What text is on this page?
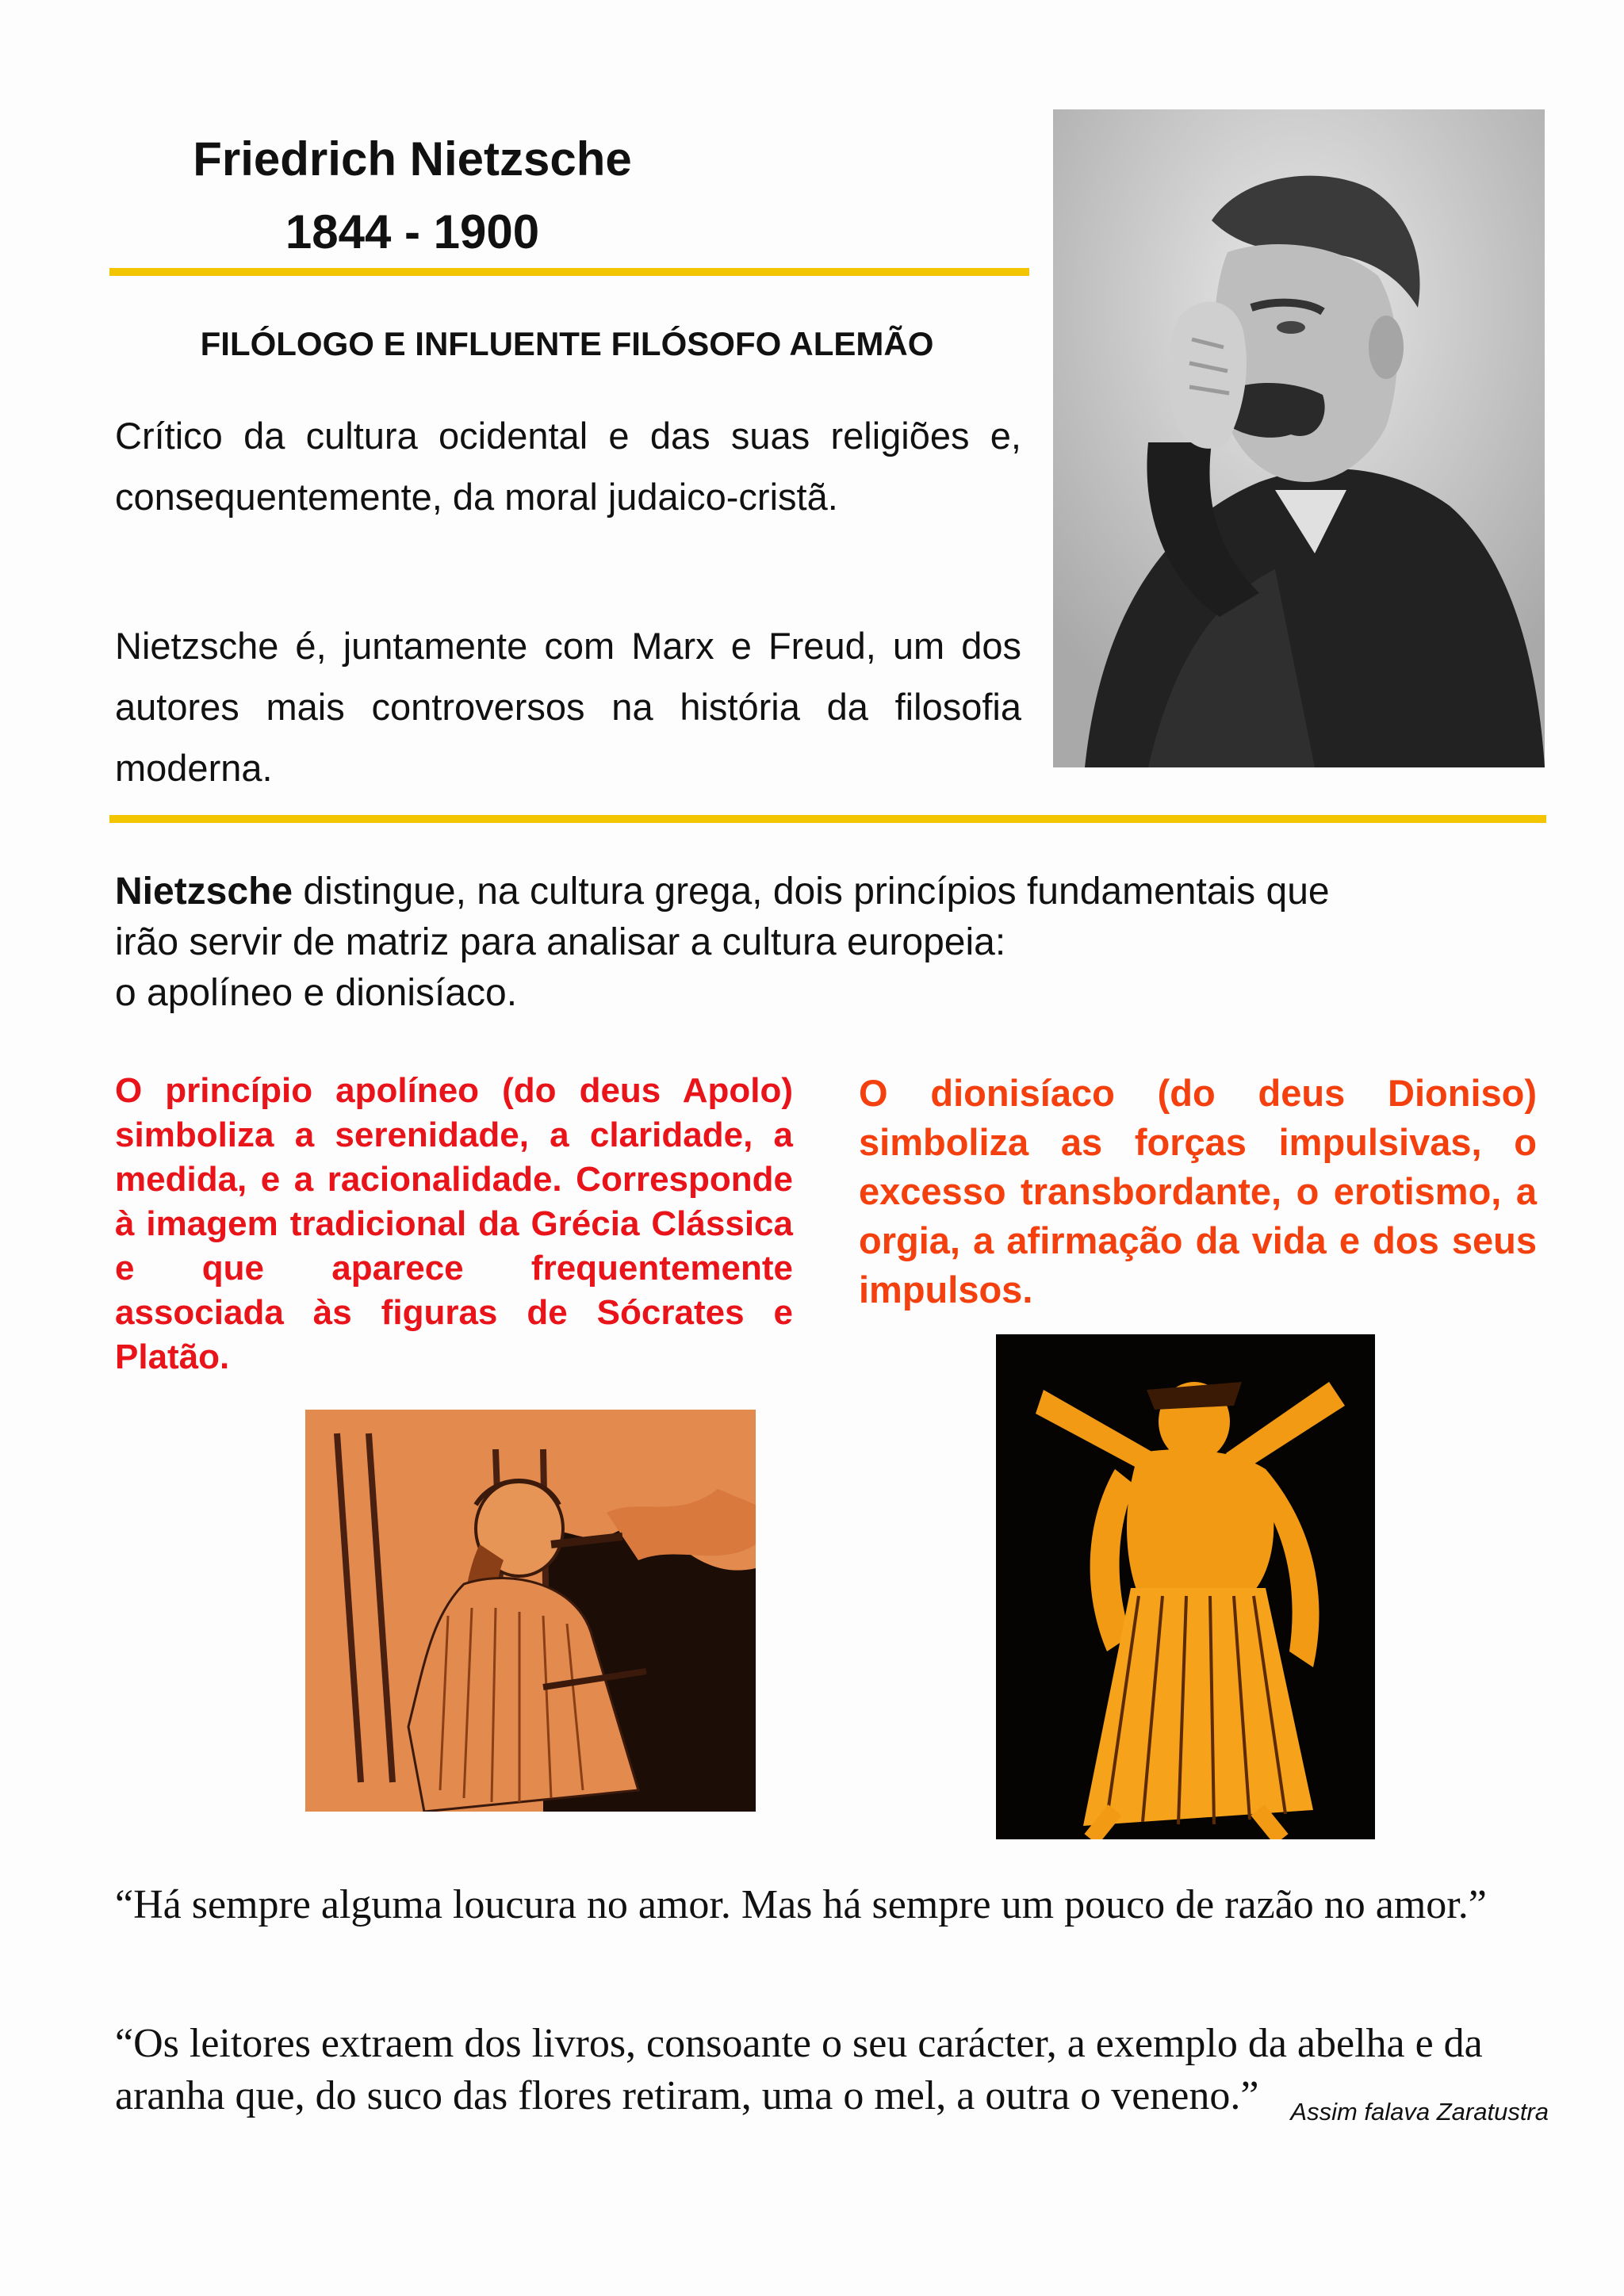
Friedrich Nietzsche
1844 - 1900
FILÓLOGO E INFLUENTE FILÓSOFO ALEMÃO
Crítico da cultura ocidental e das suas religiões e, consequentemente, da moral judaico-cristã.
Nietzsche é, juntamente com Marx e Freud, um dos autores mais controversos na história da filosofia moderna.
Nietzsche distingue, na cultura grega, dois princípios fundamentais que
irão servir de matriz para analisar a cultura europeia:
o apolíneo e dionisíaco.
O princípio apolíneo (do deus Apolo) simboliza a serenidade, a claridade, a medida, e a racionalidade. Corresponde à imagem tradicional da Grécia Clássica e que aparece frequentemente associada às figuras de Sócrates e Platão.
O dionisíaco (do deus Dioniso) simboliza as forças impulsivas, o excesso transbordante, o erotismo, a orgia, a afirmação da vida e dos seus impulsos.
“Há sempre alguma loucura no amor. Mas há sempre um pouco de razão no amor.”
“Os leitores extraem dos livros, consoante o seu carácter, a exemplo da abelha e da aranha que, do suco das flores retiram, uma o mel, a outra o veneno.”	Assim falava Zaratustra
